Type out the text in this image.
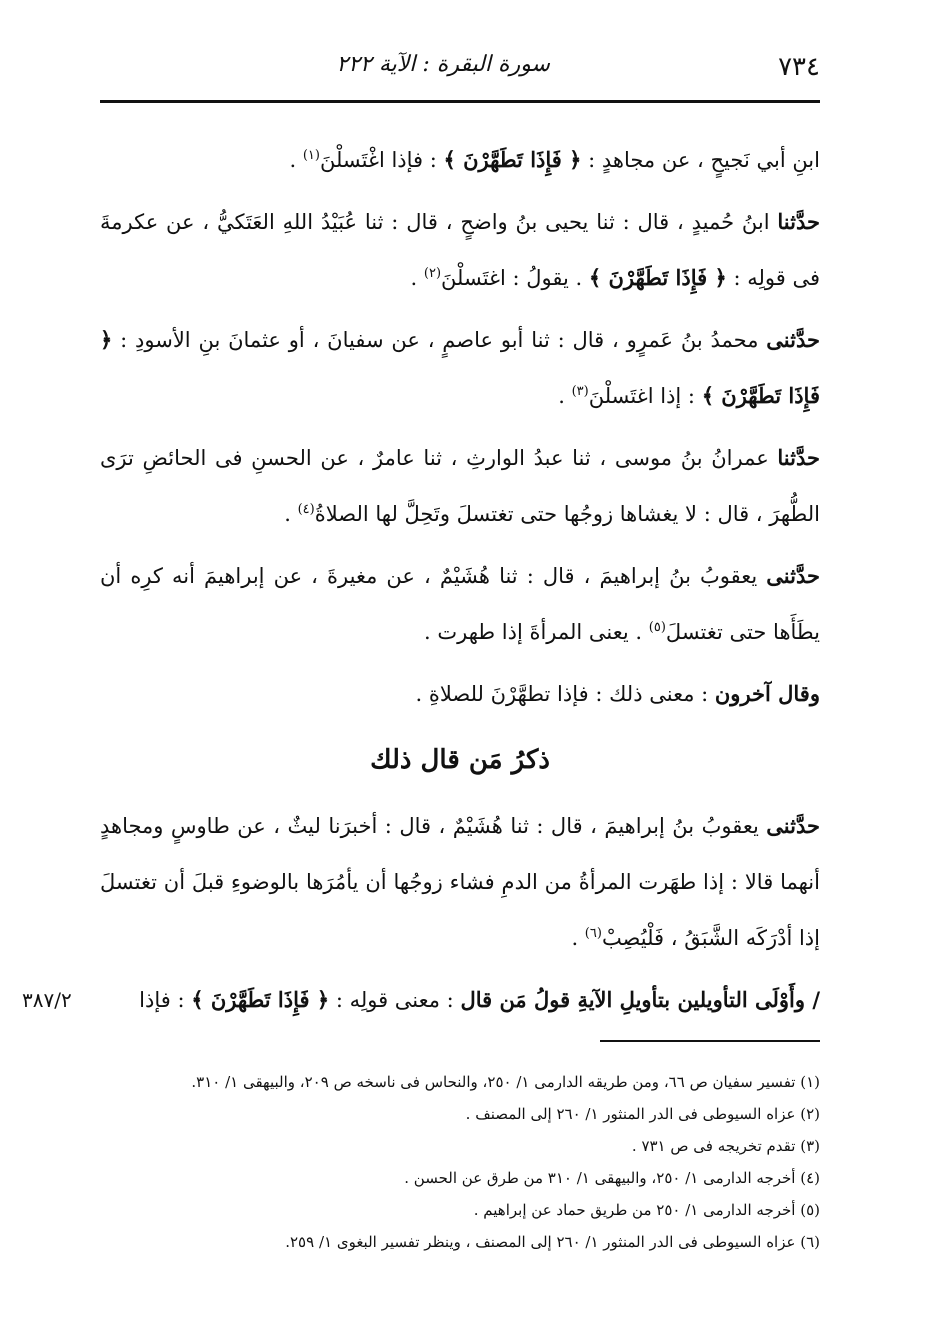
٧٣٤
سورة البقرة : الآية ٢٢٢

ابنِ أبي نَجيحٍ ، عن مجاهدٍ : ﴿ فَإِذَا تَطَهَّرْنَ ﴾ : فإذا اغْتَسلْنَ$^{(١)}$ .

حدَّثنا ابنُ حُميدٍ ، قال : ثنا يحيى بنُ واضحٍ ، قال : ثنا عُبَيْدُ اللهِ العَتَكيُّ ، عن عكرمةَ فى قولِه : ﴿ فَإِذَا تَطَهَّرْنَ ﴾ . يقولُ : اغتَسلْنَ$^{(٢)}$ .

حدَّثنى محمدُ بنُ عَمرٍو ، قال : ثنا أبو عاصمٍ ، عن سفيانَ ، أو عثمانَ بنِ الأسودِ : ﴿ فَإِذَا تَطَهَّرْنَ ﴾ : إذا اغتَسلْنَ$^{(٣)}$ .

حدَّثنا عمرانُ بنُ موسى ، ثنا عبدُ الوارثِ ، ثنا عامرٌ ، عن الحسنِ فى الحائضِ ترَى الطُّهرَ ، قال : لا يغشاها زوجُها حتى تغتسلَ وتَحِلَّ لها الصلاةُ$^{(٤)}$ .

حدَّثنى يعقوبُ بنُ إبراهيمَ ، قال : ثنا هُشَيْمٌ ، عن مغيرةَ ، عن إبراهيمَ أنه كرِه أن يطَأَها حتى تغتسلَ$^{(٥)}$ . يعنى المرأةَ إذا طهرت .

وقال آخرون : معنى ذلك : فإذا تطهَّرْنَ للصلاةِ .

ذكرُ مَن قال ذلك

حدَّثنى يعقوبُ بنُ إبراهيمَ ، قال : ثنا هُشَيْمٌ ، قال : أخبرَنا ليثٌ ، عن طاوسٍ ومجاهدٍ أنهما قالا : إذا طهَرت المرأةُ من الدمِ فشاء زوجُها أن يأمُرَها بالوضوءِ قبلَ أن تغتسلَ إذا أدْرَكَه الشَّبَقُ ، فَلْيُصِبْ$^{(٦)}$ .

٣٨٧/٢	/ وأَوْلَى التأويلين بتأويلِ الآيةِ قولُ مَن قال : معنى قولِه : ﴿ فَإِذَا تَطَهَّرْنَ ﴾ : فإذا

(١) تفسير سفيان ص ٦٦، ومن طريقه الدارمى ١/ ٢٥٠، والنحاس فى ناسخه ص ٢٠٩، والبيهقى ١/ ٣١٠.

(٢) عزاه السيوطى فى الدر المنثور ١/ ٢٦٠ إلى المصنف .

(٣) تقدم تخريجه فى ص ٧٣١ .

(٤) أخرجه الدارمى ١/ ٢٥٠، والبيهقى ١/ ٣١٠ من طرق عن الحسن .

(٥) أخرجه الدارمى ١/ ٢٥٠ من طريق حماد عن إبراهيم .

(٦) عزاه السيوطى فى الدر المنثور ١/ ٢٦٠ إلى المصنف ، وينظر تفسير البغوى ١/ ٢٥٩.
